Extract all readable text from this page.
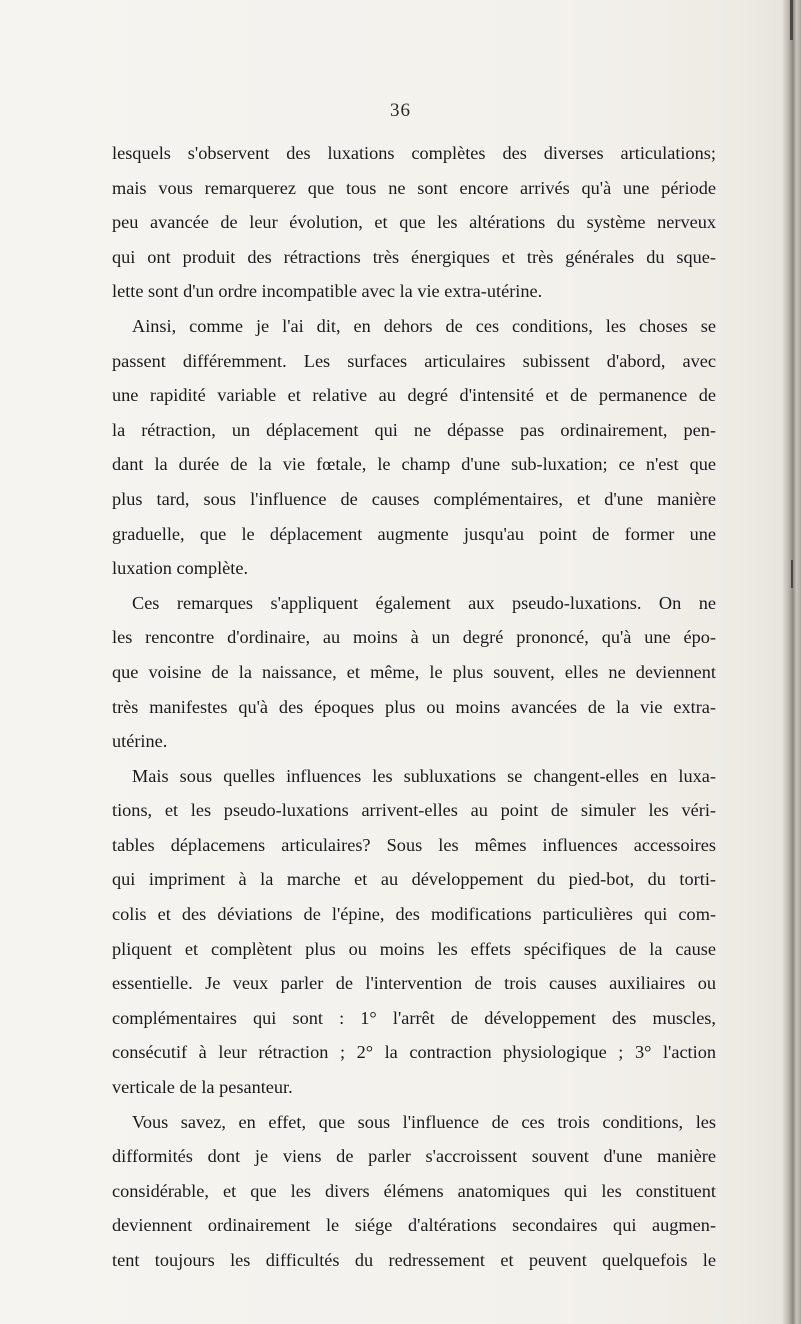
36
lesquels s'observent des luxations complètes des diverses articulations;
mais vous remarquerez que tous ne sont encore arrivés qu'à une période
peu avancée de leur évolution, et que les altérations du système nerveux
qui ont produit des rétractions très énergiques et très générales du sque-
lette sont d'un ordre incompatible avec la vie extra-utérine.
Ainsi, comme je l'ai dit, en dehors de ces conditions, les choses se
passent différemment. Les surfaces articulaires subissent d'abord, avec
une rapidité variable et relative au degré d'intensité et de permanence de
la rétraction, un déplacement qui ne dépasse pas ordinairement, pen-
dant la durée de la vie fœtale, le champ d'une sub-luxation; ce n'est que
plus tard, sous l'influence de causes complémentaires, et d'une manière
graduelle, que le déplacement augmente jusqu'au point de former une
luxation complète.
Ces remarques s'appliquent également aux pseudo-luxations. On ne
les rencontre d'ordinaire, au moins à un degré prononcé, qu'à une épo-
que voisine de la naissance, et même, le plus souvent, elles ne deviennent
très manifestes qu'à des époques plus ou moins avancées de la vie extra-
utérine.
Mais sous quelles influences les subluxations se changent-elles en luxa-
tions, et les pseudo-luxations arrivent-elles au point de simuler les véri-
tables déplacemens articulaires? Sous les mêmes influences accessoires
qui impriment à la marche et au développement du pied-bot, du torti-
colis et des déviations de l'épine, des modifications particulières qui com-
pliquent et complètent plus ou moins les effets spécifiques de la cause
essentielle. Je veux parler de l'intervention de trois causes auxiliaires ou
complémentaires qui sont : 1° l'arrêt de développement des muscles,
consécutif à leur rétraction ; 2° la contraction physiologique ; 3° l'action
verticale de la pesanteur.
Vous savez, en effet, que sous l'influence de ces trois conditions, les
difformités dont je viens de parler s'accroissent souvent d'une manière
considérable, et que les divers élémens anatomiques qui les constituent
deviennent ordinairement le siége d'altérations secondaires qui augmen-
tent toujours les difficultés du redressement et peuvent quelquefois le
